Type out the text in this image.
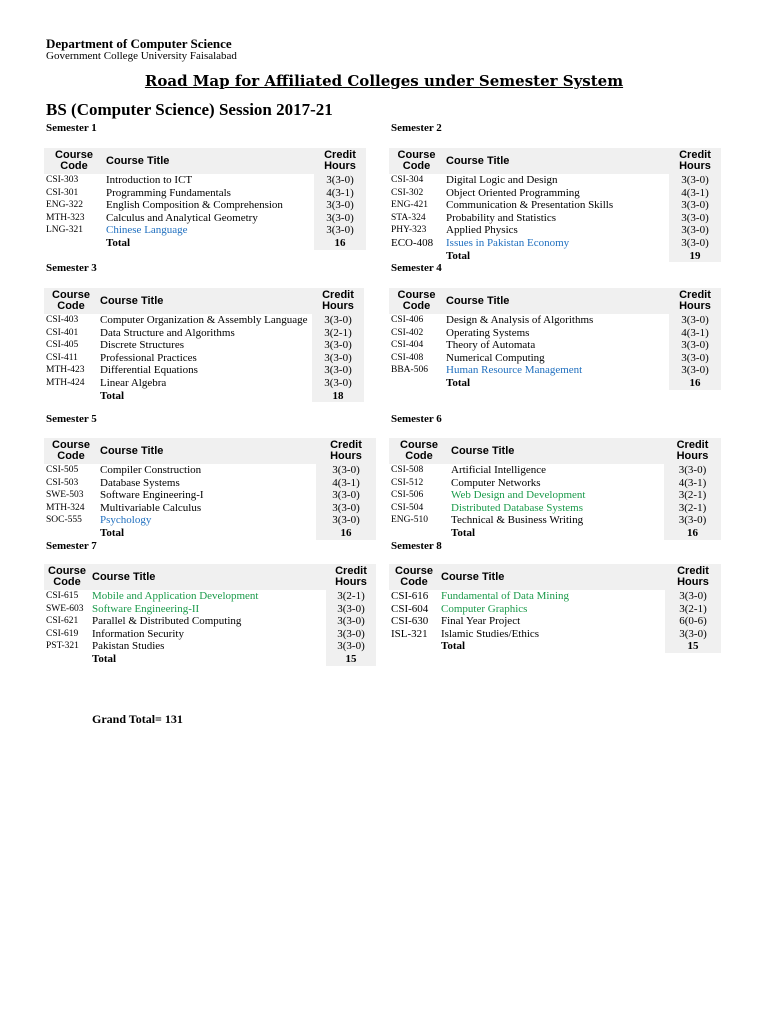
Department of Computer Science
Government College University Faisalabad
Road Map for Affiliated Colleges under Semester System
BS (Computer Science) Session 2017-21
Semester 1
Course
Code	Course Title	Credit
Hours
CSI-303	Introduction to ICT	3(3-0)
CSI-301	Programming Fundamentals	4(3-1)
ENG-322	English Composition & Comprehension	3(3-0)
MTH-323	Calculus and Analytical Geometry	3(3-0)
LNG-321	Chinese Language	3(3-0)
	Total	16
Semester 2
Course
Code	Course Title	Credit
Hours
CSI-304	Digital Logic and Design	3(3-0)
CSI-302	Object Oriented Programming	4(3-1)
ENG-421	Communication & Presentation Skills	3(3-0)
STA-324	Probability and Statistics	3(3-0)
PHY-323	Applied Physics	3(3-0)
ECO-408	Issues in Pakistan Economy	3(3-0)
	Total	19
Semester 3
Course
Code	Course Title	Credit
Hours
CSI-403	Computer Organization & Assembly Language	3(3-0)
CSI-401	Data Structure and Algorithms	3(2-1)
CSI-405	Discrete Structures	3(3-0)
CSI-411	Professional Practices	3(3-0)
MTH-423	Differential Equations	3(3-0)
MTH-424	Linear Algebra	3(3-0)
	Total	18
Semester 4
Course
Code	Course Title	Credit
Hours
CSI-406	Design & Analysis of Algorithms	3(3-0)
CSI-402	Operating Systems	4(3-1)
CSI-404	Theory of Automata	3(3-0)
CSI-408	Numerical Computing	3(3-0)
BBA-506	Human Resource Management	3(3-0)
	Total	16
Semester 5
Course
Code	Course Title	Credit
Hours
CSI-505	Compiler Construction	3(3-0)
CSI-503	Database Systems	4(3-1)
SWE-503	Software Engineering-I	3(3-0)
MTH-324	Multivariable Calculus	3(3-0)
SOC-555	Psychology	3(3-0)
	Total	16
Semester 6
Course
Code	Course Title	Credit
Hours
CSI-508	Artificial Intelligence	3(3-0)
CSI-512	Computer Networks	4(3-1)
CSI-506	Web Design and Development	3(2-1)
CSI-504	Distributed Database Systems	3(2-1)
ENG-510	Technical & Business Writing	3(3-0)
	Total	16
Semester 7
Course
Code	Course Title	Credit
Hours
CSI-615	Mobile and Application Development	3(2-1)
SWE-603	Software Engineering-II	3(3-0)
CSI-621	Parallel & Distributed Computing	3(3-0)
CSI-619	Information Security	3(3-0)
PST-321	Pakistan Studies	3(3-0)
	Total	15
Semester 8
Course
Code	Course Title	Credit
Hours
CSI-616	Fundamental of Data Mining	3(3-0)
CSI-604	Computer Graphics	3(2-1)
CSI-630	Final Year Project	6(0-6)
ISL-321	Islamic Studies/Ethics	3(3-0)
	Total	15
Grand Total= 131
